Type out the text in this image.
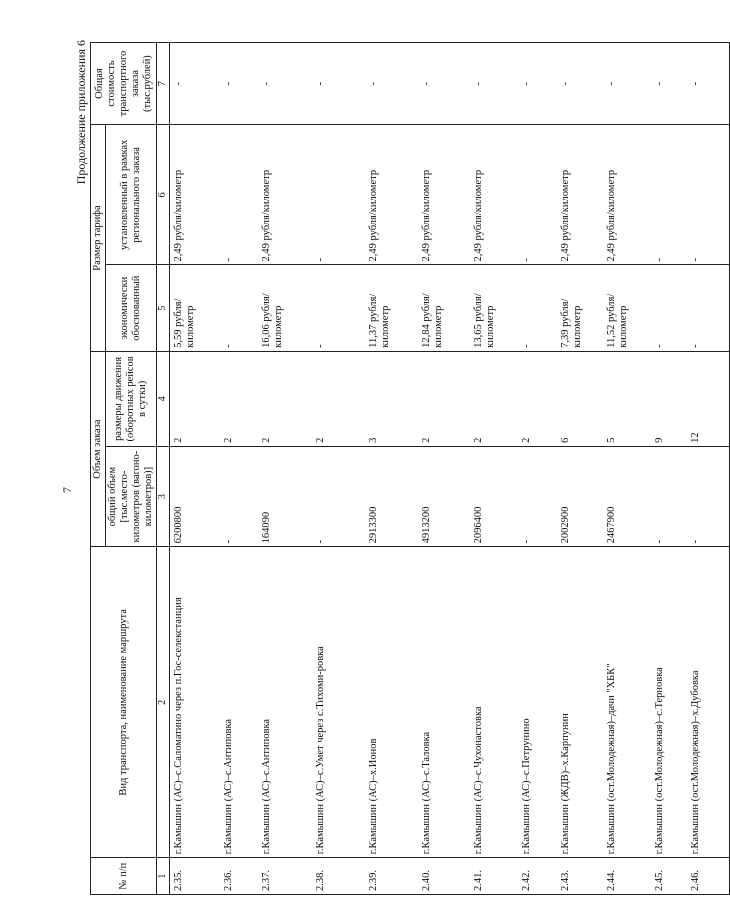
7
Продолжение приложения 6
№ п/п	Вид транспорта, наименование маршрута	Объем заказа		Размер тарифа		Общая стоимость транспортного заказа (тыс.рублей)
		общий объем [тыс.место-километров (вагоно-километров)]	размеры движения (оборотных рейсов в сутки)	экономически обоснованный	установленный в рамках регионального заказа	
1	2	3	4	5	6	7
2.35.	г.Камышин (АС)–с.Саломатино через п.Гос-селекстанция	6200800	2	5,59 рубля/ километр	2,49 рубля/километр	-
2.36.	г.Камышин (АС)–с.Антиповка	-	2	-	-	-
2.37.	г.Камышин (АС)–с.Антиповка	164090	2	16,06 рубля/ километр	2,49 рубля/километр	-
2.38.	г.Камышин (АС)–с.Умет через с.Тихоми-ровка	-	2	-	-	-
2.39.	г.Камышин (АС)–х.Ионов	2913300	3	11,37 рубля/ километр	2,49 рубля/километр	-
2.40.	г.Камышин (АС)–с.Таловка	4913200	2	12,84 рубля/ километр	2,49 рубля/километр	-
2.41.	г.Камышин (АС)–с.Чухонастовка	2096400	2	13,65 рубля/ километр	2,49 рубля/километр	-
2.42.	г.Камышин (АС)–с.Петрунино	-	2	-	-	-
2.43.	г.Камышин (ЖДВ)–х.Карпунин	2002900	6	7,39 рубля/ километр	2,49 рубля/километр	-
2.44.	г.Камышин (ост.Молодежная)–дачи "ХБК"	2467900	5	11,52 рубля/ километр	2,49 рубля/километр	-
2.45.	г.Камышин (ост.Молодежная)–с.Терновка	-	9	-	-	-
2.46.	г.Камышин (ост.Молодежная)–х.Дубовка	-	12	-	-	-
